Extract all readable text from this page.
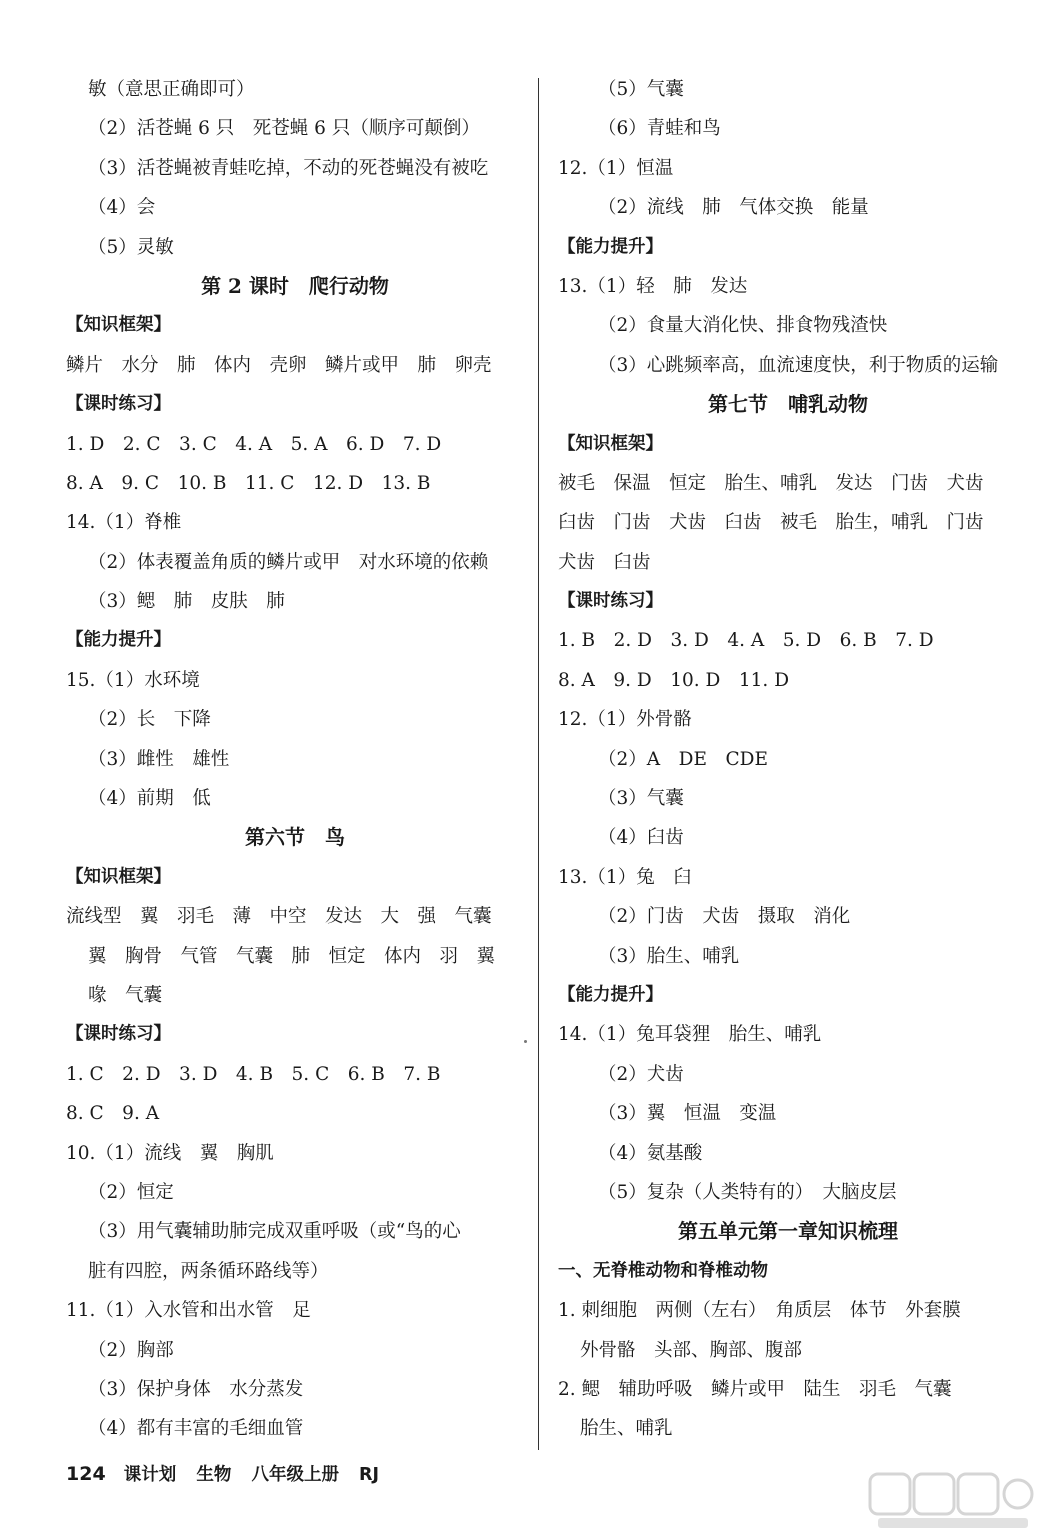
敏（意思正确即可）
（2）活苍蝇 6 只　死苍蝇 6 只（顺序可颠倒）
（3）活苍蝇被青蛙吃掉，不动的死苍蝇没有被吃
（4）会
（5）灵敏
第 2 课时　爬行动物
【知识框架】
鳞片　水分　肺　体内　壳卵　鳞片或甲　肺　卵壳
【课时练习】
1. D　2. C　3. C　4. A　5. A　6. D　7. D
8. A　9. C　10. B　11. C　12. D　13. B
14.（1）脊椎
（2）体表覆盖角质的鳞片或甲　对水环境的依赖
（3）鳃　肺　皮肤　肺
【能力提升】
15.（1）水环境
（2）长　下降
（3）雌性　雄性
（4）前期　低
第六节　鸟
【知识框架】
流线型　翼　羽毛　薄　中空　发达　大　强　气囊
翼　胸骨　气管　气囊　肺　恒定　体内　羽　翼
喙　气囊
【课时练习】
1. C　2. D　3. D　4. B　5. C　6. B　7. B
8. C　9. A
10.（1）流线　翼　胸肌
（2）恒定
（3）用气囊辅助肺完成双重呼吸（或“鸟的心
脏有四腔，两条循环路线等）
11.（1）入水管和出水管　足
（2）胸部
（3）保护身体　水分蒸发
（4）都有丰富的毛细血管
（5）气囊
（6）青蛙和鸟
12.（1）恒温
（2）流线　肺　气体交换　能量
【能力提升】
13.（1）轻　肺　发达
（2）食量大消化快、排食物残渣快
（3）心跳频率高，血流速度快，利于物质的运输
第七节　哺乳动物
【知识框架】
被毛　保温　恒定　胎生、哺乳　发达　门齿　犬齿
臼齿　门齿　犬齿　臼齿　被毛　胎生，哺乳　门齿
犬齿　臼齿
【课时练习】
1. B　2. D　3. D　4. A　5. D　6. B　7. D
8. A　9. D　10. D　11. D
12.（1）外骨骼
（2）A　DE　CDE
（3）气囊
（4）臼齿
13.（1）兔　臼
（2）门齿　犬齿　摄取　消化
（3）胎生、哺乳
【能力提升】
14.（1）兔耳袋狸　胎生、哺乳
（2）犬齿
（3）翼　恒温　变温
（4）氨基酸
（5）复杂（人类特有的）　大脑皮层
第五单元第一章知识梳理
一、无脊椎动物和脊椎动物
1. 刺细胞　两侧（左右）　角质层　体节　外套膜
外骨骼　头部、胸部、腹部
2. 鳃　辅助呼吸　鳞片或甲　陆生　羽毛　气囊
胎生、哺乳
124 课计划 生物 八年级上册 RJ
